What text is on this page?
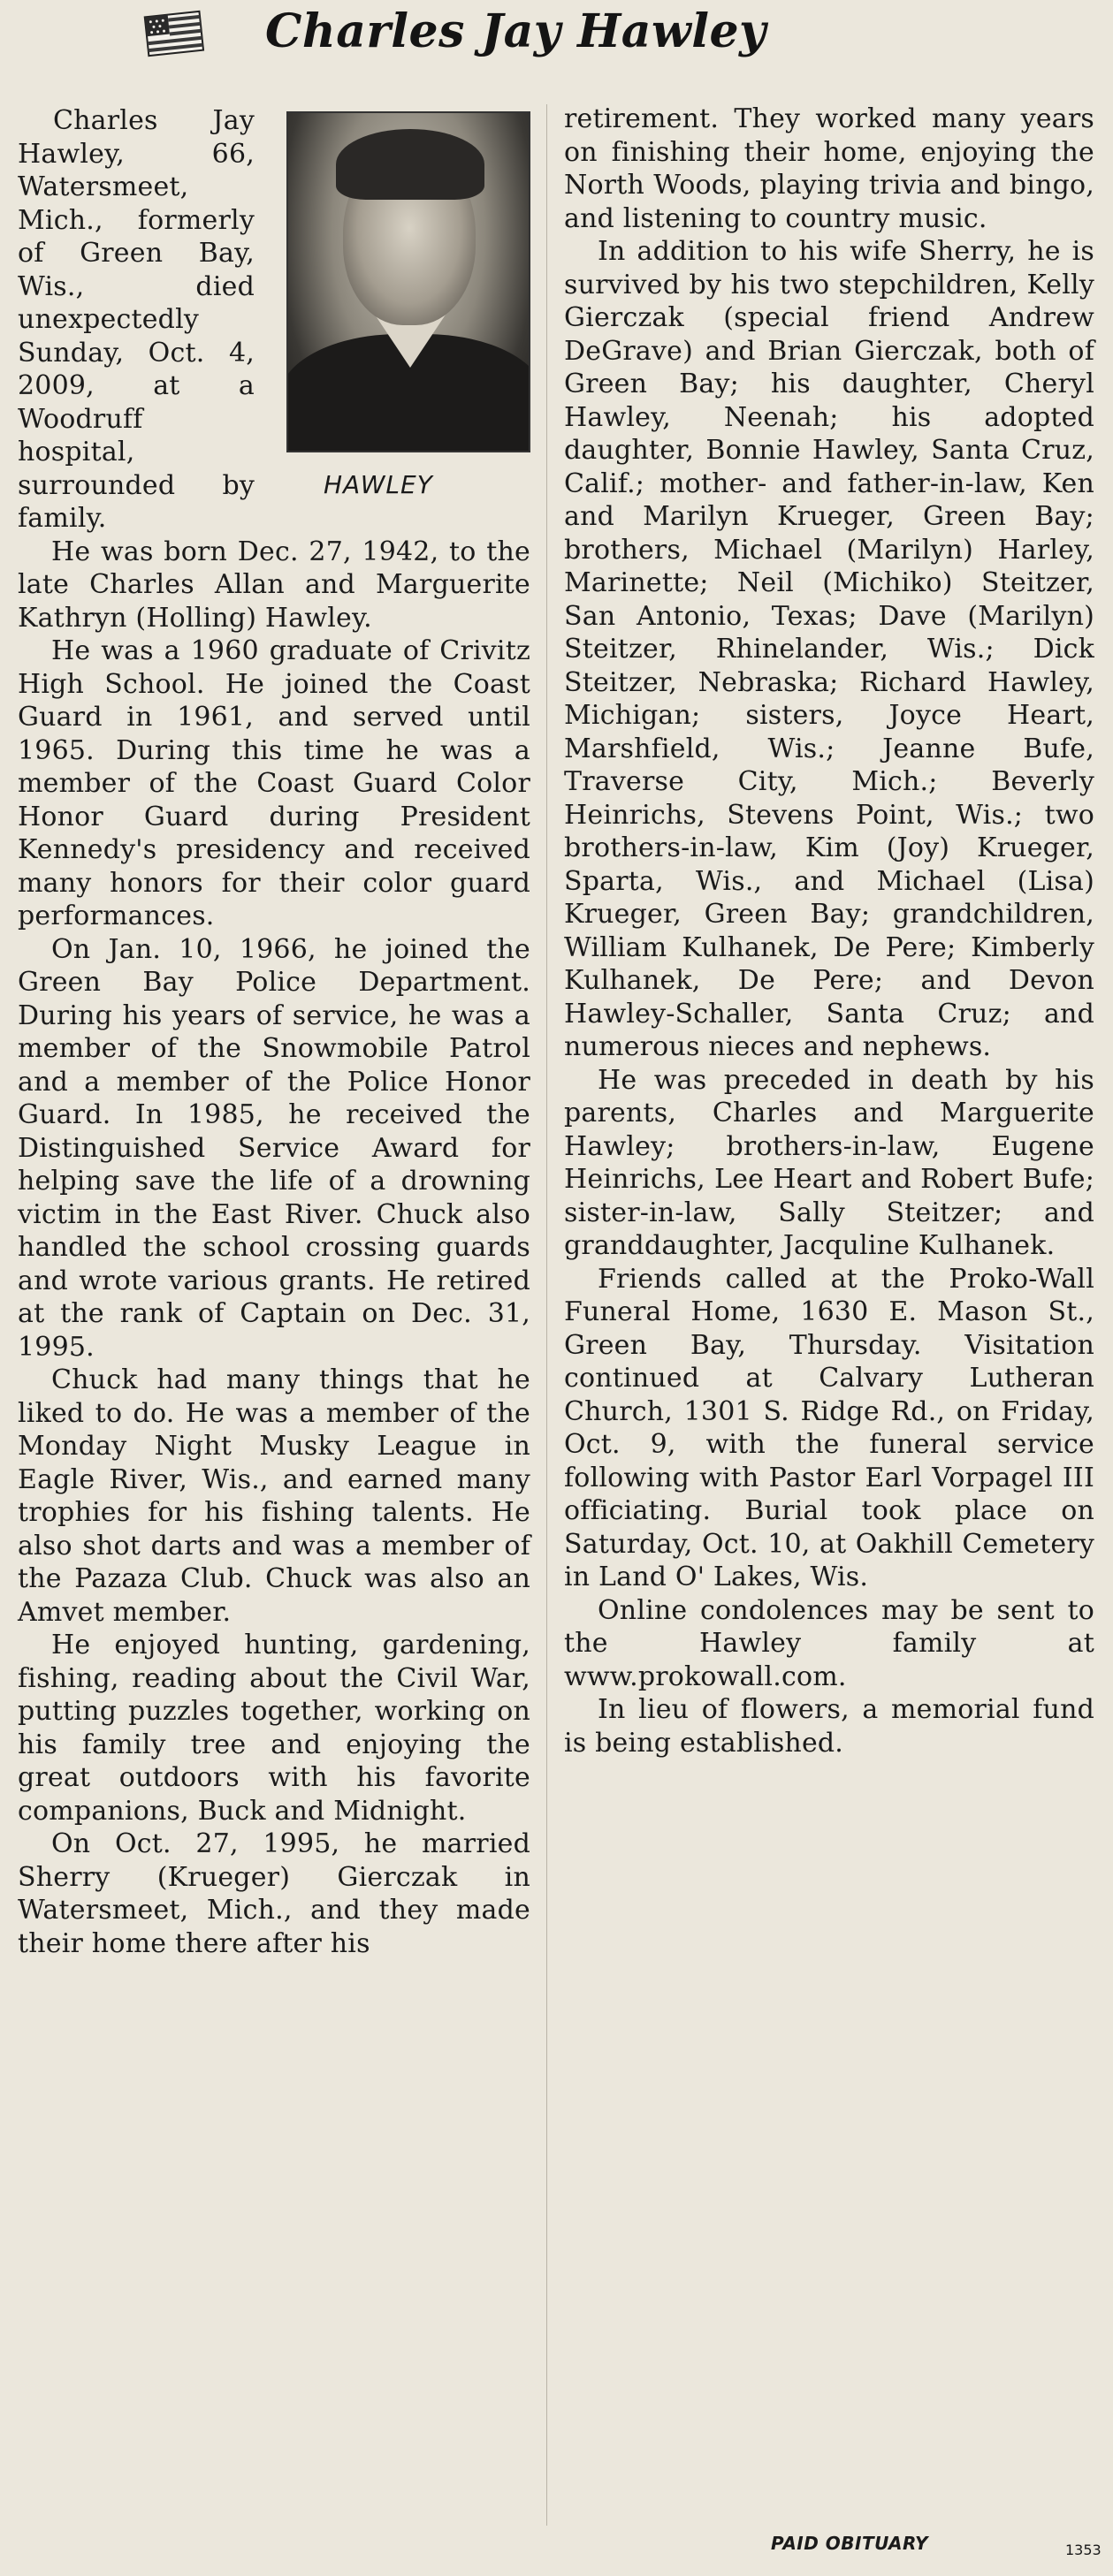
Charles Jay Hawley
HAWLEY

Charles Jay Hawley, 66, Watersmeet, Mich., formerly of Green Bay, Wis., died unexpectedly Sunday, Oct. 4, 2009, at a Woodruff hospital, surrounded by family.

He was born Dec. 27, 1942, to the late Charles Allan and Marguerite Kathryn (Holling) Hawley.

He was a 1960 graduate of Crivitz High School. He joined the Coast Guard in 1961, and served until 1965. During this time he was a member of the Coast Guard Color Honor Guard during President Kennedy's presidency and received many honors for their color guard performances.

On Jan. 10, 1966, he joined the Green Bay Police Department. During his years of service, he was a member of the Snowmobile Patrol and a member of the Police Honor Guard. In 1985, he received the Distinguished Service Award for helping save the life of a drowning victim in the East River. Chuck also handled the school crossing guards and wrote various grants. He retired at the rank of Captain on Dec. 31, 1995.

Chuck had many things that he liked to do. He was a member of the Monday Night Musky League in Eagle River, Wis., and earned many trophies for his fishing talents. He also shot darts and was a member of the Pazaza Club. Chuck was also an Amvet member.

He enjoyed hunting, gardening, fishing, reading about the Civil War, putting puzzles together, working on his family tree and enjoying the great outdoors with his favorite companions, Buck and Midnight.

On Oct. 27, 1995, he married Sherry (Krueger) Gierczak in Watersmeet, Mich., and they made their home there after his

retirement. They worked many years on finishing their home, enjoying the North Woods, playing trivia and bingo, and listening to country music.

In addition to his wife Sherry, he is survived by his two stepchildren, Kelly Gierczak (special friend Andrew DeGrave) and Brian Gierczak, both of Green Bay; his daughter, Cheryl Hawley, Neenah; his adopted daughter, Bonnie Hawley, Santa Cruz, Calif.; mother- and father-in-law, Ken and Marilyn Krueger, Green Bay; brothers, Michael (Marilyn) Harley, Marinette; Neil (Michiko) Steitzer, San Antonio, Texas; Dave (Marilyn) Steitzer, Rhinelander, Wis.; Dick Steitzer, Nebraska; Richard Hawley, Michigan; sisters, Joyce Heart, Marshfield, Wis.; Jeanne Bufe, Traverse City, Mich.; Beverly Heinrichs, Stevens Point, Wis.; two brothers-in-law, Kim (Joy) Krueger, Sparta, Wis., and Michael (Lisa) Krueger, Green Bay; grandchildren, William Kulhanek, De Pere; Kimberly Kulhanek, De Pere; and Devon Hawley-Schaller, Santa Cruz; and numerous nieces and nephews.

He was preceded in death by his parents, Charles and Marguerite Hawley; brothers-in-law, Eugene Heinrichs, Lee Heart and Robert Bufe; sister-in-law, Sally Steitzer; and granddaughter, Jacquline Kulhanek.

Friends called at the Proko-Wall Funeral Home, 1630 E. Mason St., Green Bay, Thursday. Visitation continued at Calvary Lutheran Church, 1301 S. Ridge Rd., on Friday, Oct. 9, with the funeral service following with Pastor Earl Vorpagel III officiating. Burial took place on Saturday, Oct. 10, at Oakhill Cemetery in Land O' Lakes, Wis.

Online condolences may be sent to the Hawley family at www.prokowall.com.

In lieu of flowers, a memorial fund is being established.

PAID OBITUARY	1353
